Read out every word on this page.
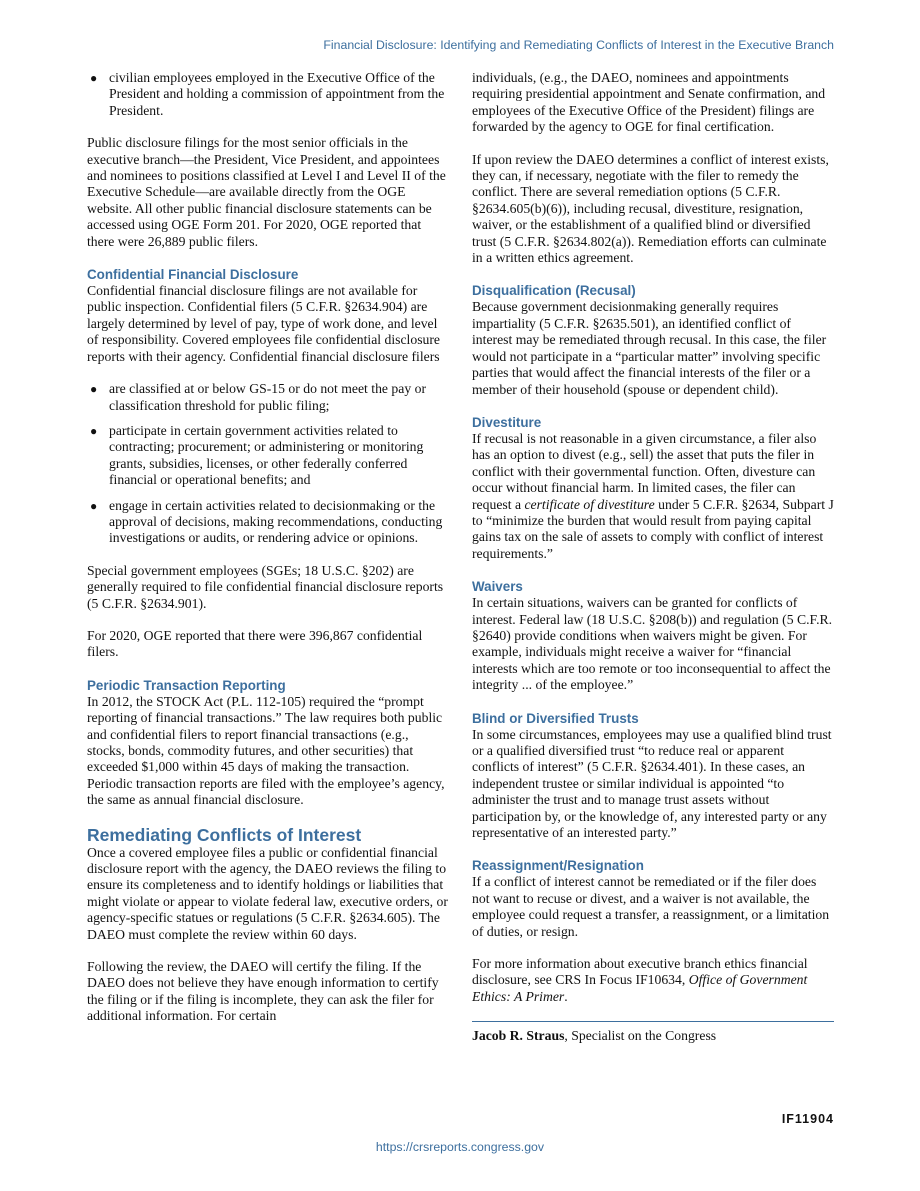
Financial Disclosure: Identifying and Remediating Conflicts of Interest in the Executive Branch
● civilian employees employed in the Executive Office of the President and holding a commission of appointment from the President.

Public disclosure filings for the most senior officials in the executive branch—the President, Vice President, and appointees and nominees to positions classified at Level I and Level II of the Executive Schedule—are available directly from the OGE website. All other public financial disclosure statements can be accessed using OGE Form 201. For 2020, OGE reported that there were 26,889 public filers.

Confidential Financial Disclosure

Confidential financial disclosure filings are not available for public inspection. Confidential filers (5 C.F.R. §2634.904) are largely determined by level of pay, type of work done, and level of responsibility. Covered employees file confidential disclosure reports with their agency. Confidential financial disclosure filers

● are classified at or below GS-15 or do not meet the pay or classification threshold for public filing;
● participate in certain government activities related to contracting; procurement; or administering or monitoring grants, subsidies, licenses, or other federally conferred financial or operational benefits; and
● engage in certain activities related to decisionmaking or the approval of decisions, making recommendations, conducting investigations or audits, or rendering advice or opinions.

Special government employees (SGEs; 18 U.S.C. §202) are generally required to file confidential financial disclosure reports (5 C.F.R. §2634.901).

For 2020, OGE reported that there were 396,867 confidential filers.

Periodic Transaction Reporting

In 2012, the STOCK Act (P.L. 112-105) required the “prompt reporting of financial transactions.” The law requires both public and confidential filers to report financial transactions (e.g., stocks, bonds, commodity futures, and other securities) that exceeded $1,000 within 45 days of making the transaction. Periodic transaction reports are filed with the employee’s agency, the same as annual financial disclosure.

Remediating Conflicts of Interest

Once a covered employee files a public or confidential financial disclosure report with the agency, the DAEO reviews the filing to ensure its completeness and to identify holdings or liabilities that might violate or appear to violate federal law, executive orders, or agency-specific statues or regulations (5 C.F.R. §2634.605). The DAEO must complete the review within 60 days.

Following the review, the DAEO will certify the filing. If the DAEO does not believe they have enough information to certify the filing or if the filing is incomplete, they can ask the filer for additional information. For certain

individuals, (e.g., the DAEO, nominees and appointments requiring presidential appointment and Senate confirmation, and employees of the Executive Office of the President) filings are forwarded by the agency to OGE for final certification.

If upon review the DAEO determines a conflict of interest exists, they can, if necessary, negotiate with the filer to remedy the conflict. There are several remediation options (5 C.F.R. §2634.605(b)(6)), including recusal, divestiture, resignation, waiver, or the establishment of a qualified blind or diversified trust (5 C.F.R. §2634.802(a)). Remediation efforts can culminate in a written ethics agreement.

Disqualification (Recusal)

Because government decisionmaking generally requires impartiality (5 C.F.R. §2635.501), an identified conflict of interest may be remediated through recusal. In this case, the filer would not participate in a “particular matter” involving specific parties that would affect the financial interests of the filer or a member of their household (spouse or dependent child).

Divestiture

If recusal is not reasonable in a given circumstance, a filer also has an option to divest (e.g., sell) the asset that puts the filer in conflict with their governmental function. Often, divesture can occur without financial harm. In limited cases, the filer can request a certificate of divestiture under 5 C.F.R. §2634, Subpart J to “minimize the burden that would result from paying capital gains tax on the sale of assets to comply with conflict of interest requirements.”

Waivers

In certain situations, waivers can be granted for conflicts of interest. Federal law (18 U.S.C. §208(b)) and regulation (5 C.F.R. §2640) provide conditions when waivers might be given. For example, individuals might receive a waiver for “financial interests which are too remote or too inconsequential to affect the integrity ... of the employee.”

Blind or Diversified Trusts

In some circumstances, employees may use a qualified blind trust or a qualified diversified trust “to reduce real or apparent conflicts of interest” (5 C.F.R. §2634.401). In these cases, an independent trustee or similar individual is appointed “to administer the trust and to manage trust assets without participation by, or the knowledge of, any interested party or any representative of an interested party.”

Reassignment/Resignation

If a conflict of interest cannot be remediated or if the filer does not want to recuse or divest, and a waiver is not available, the employee could request a transfer, a reassignment, or a limitation of duties, or resign.

For more information about executive branch ethics financial disclosure, see CRS In Focus IF10634, Office of Government Ethics: A Primer.

Jacob R. Straus, Specialist on the Congress
IF11904
https://crsreports.congress.gov
